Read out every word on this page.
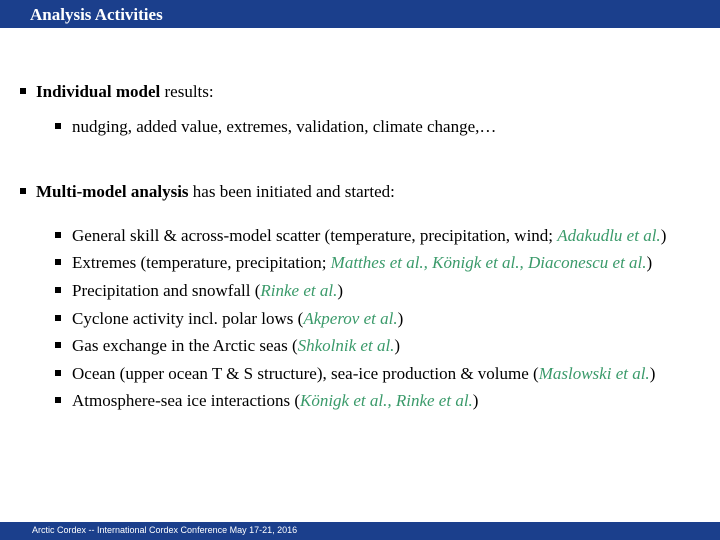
Analysis Activities
Individual model results:
nudging, added value, extremes, validation, climate change,…
Multi-model analysis has been initiated and started:
General skill & across-model scatter (temperature, precipitation, wind; Adakudlu et al.)
Extremes (temperature, precipitation; Matthes et al., Königk et al., Diaconescu et al.)
Precipitation and snowfall (Rinke et al.)
Cyclone activity incl. polar lows (Akperov et al.)
Gas exchange in the Arctic seas (Shkolnik et al.)
Ocean (upper ocean T & S structure), sea-ice production & volume (Maslowski et al.)
Atmosphere-sea ice interactions (Königk et al., Rinke et al.)
Arctic Cordex -- International Cordex Conference May 17-21, 2016
